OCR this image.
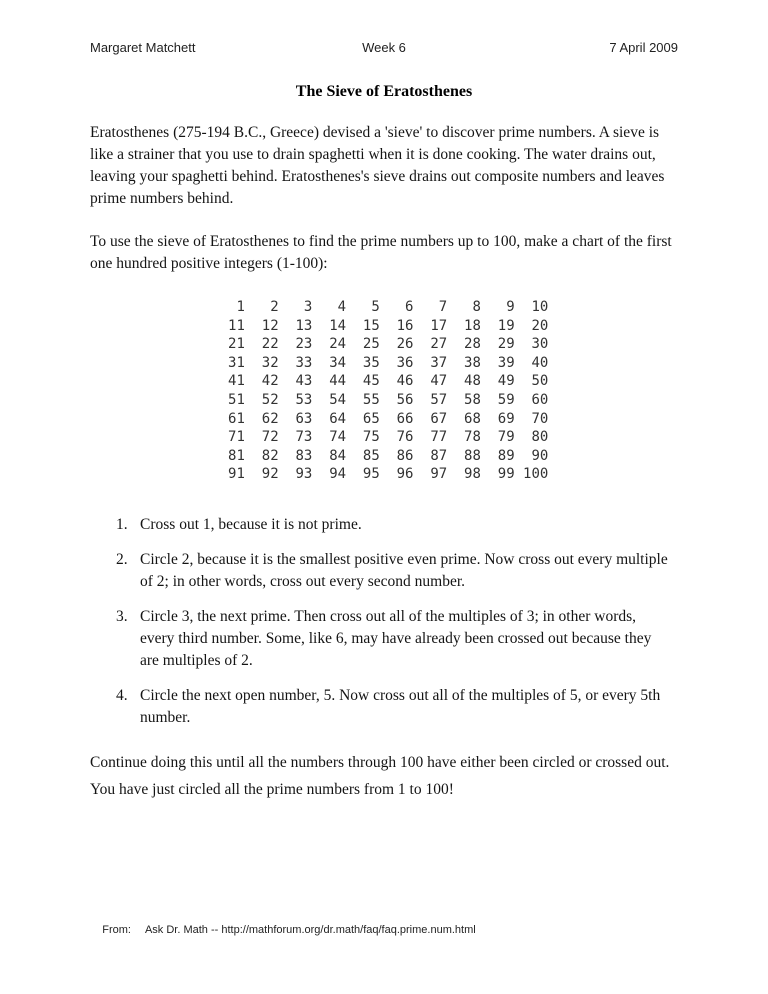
Margaret Matchett	Week 6	7 April 2009
The Sieve of Eratosthenes
Eratosthenes (275-194 B.C., Greece) devised a 'sieve' to discover prime numbers. A sieve is like a strainer that you use to drain spaghetti when it is done cooking. The water drains out, leaving your spaghetti behind. Eratosthenes's sieve drains out composite numbers and leaves prime numbers behind.
To use the sieve of Eratosthenes to find the prime numbers up to 100, make a chart of the first one hundred positive integers (1-100):
1   2   3   4   5   6   7   8   9  10
11  12  13  14  15  16  17  18  19  20
21  22  23  24  25  26  27  28  29  30
31  32  33  34  35  36  37  38  39  40
41  42  43  44  45  46  47  48  49  50
51  52  53  54  55  56  57  58  59  60
61  62  63  64  65  66  67  68  69  70
71  72  73  74  75  76  77  78  79  80
81  82  83  84  85  86  87  88  89  90
91  92  93  94  95  96  97  98  99 100
1. Cross out 1, because it is not prime.
2. Circle 2, because it is the smallest positive even prime. Now cross out every multiple of 2; in other words, cross out every second number.
3. Circle 3, the next prime. Then cross out all of the multiples of 3; in other words, every third number. Some, like 6, may have already been crossed out because they are multiples of 2.
4. Circle the next open number, 5. Now cross out all of the multiples of 5, or every 5th number.
Continue doing this until all the numbers through 100 have either been circled or crossed out.
You have just circled all the prime numbers from 1 to 100!

From: Ask Dr. Math -- http://mathforum.org/dr.math/faq/faq.prime.num.html
